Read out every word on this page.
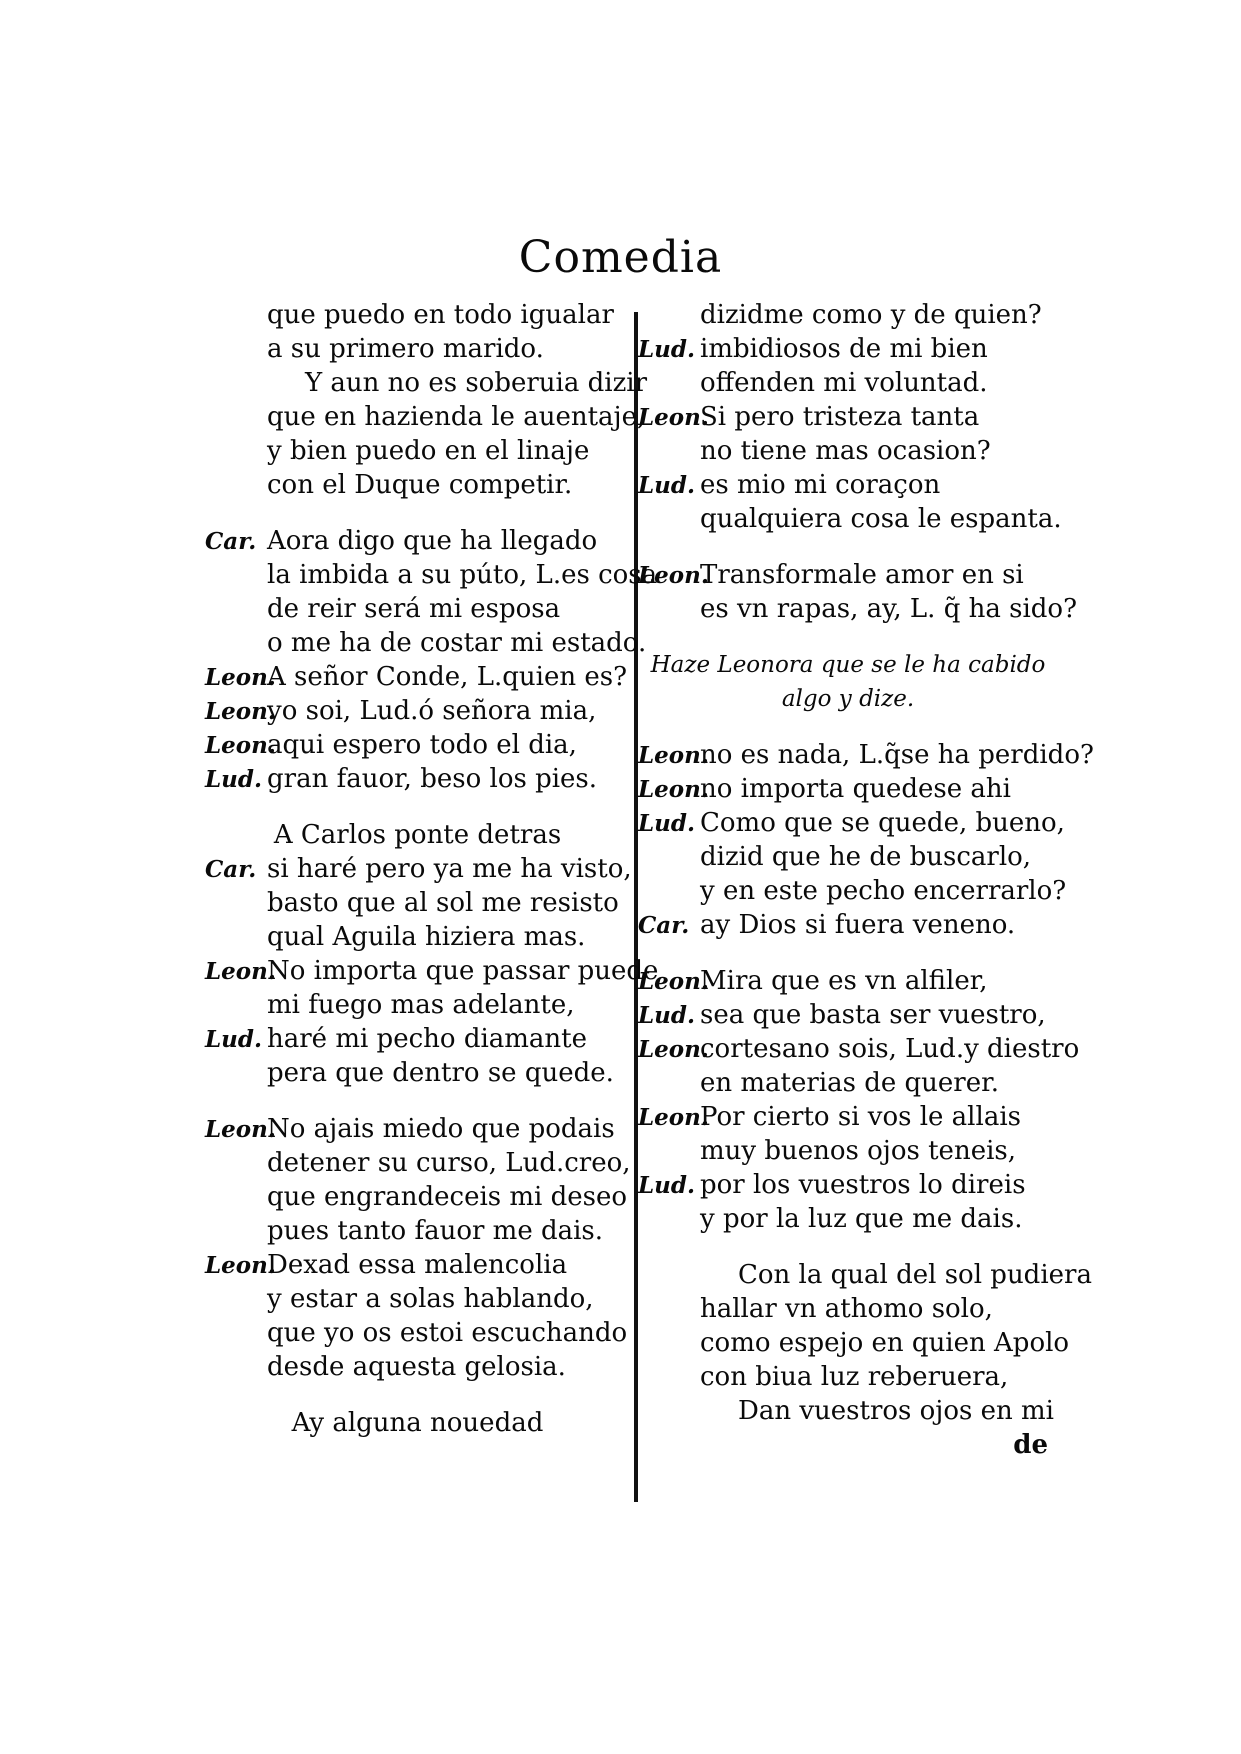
Comedia
que puedo en todo igualar
a su primero marido.
Y aun no es soberuia dizir
que en hazienda le auentaje,
y bien puedo en el linaje
con el Duque competir.
Car. Aora digo que ha llegado
la imbida a su púto, L.es cosa
de reir será mi esposa
o me ha de costar mi estado.
Leon.A señor Conde, L.quien es?
Leon.yo soi, Lud.ó señora mia,
Leon.aqui espero todo el dia,
Lud. gran fauor, beso los pies.
A Carlos ponte detras
Car. si haré pero ya me ha visto,
basto que al sol me resisto
qual Aguila hiziera mas.
Leon.No importa que passar puede
mi fuego mas adelante,
Lud. haré mi pecho diamante
pera que dentro se quede.
Leon.No ajais miedo que podais
detener su curso, Lud.creo,
que engrandeceis mi deseo
pues tanto fauor me dais.
Leon.Dexad essa malencolia
y estar a solas hablando,
que yo os estoi escuchando
desde aquesta gelosia.
Ay alguna nouedad
dizidme como y de quien?
Lud. imbidiosos de mi bien
offenden mi voluntad.
Leon.Si pero tristeza tanta
no tiene mas ocasion?
Lud. es mio mi coraçon
qualquiera cosa le espanta.
Leon.Transformale amor en si
es vn rapas, ay, L. q̃ ha sido?
Haze Leonora que se le ha cabido
algo y dize.
Leon.no es nada, L.q̃se ha perdido?
Leon.no importa quedese ahi
Lud. Como que se quede, bueno,
dizid que he de buscarlo,
y en este pecho encerrarlo?
Car. ay Dios si fuera veneno.
Leon.Mira que es vn alfiler,
Lud. sea que basta ser vuestro,
Leon.cortesano sois, Lud.y diestro
en materias de querer.
Leon.Por cierto si vos le allais
muy buenos ojos teneis,
Lud. por los vuestros lo direis
y por la luz que me dais.
Con la qual del sol pudiera
hallar vn athomo solo,
como espejo en quien Apolo
con biua luz reberuera,
Dan vuestros ojos en mi
de
